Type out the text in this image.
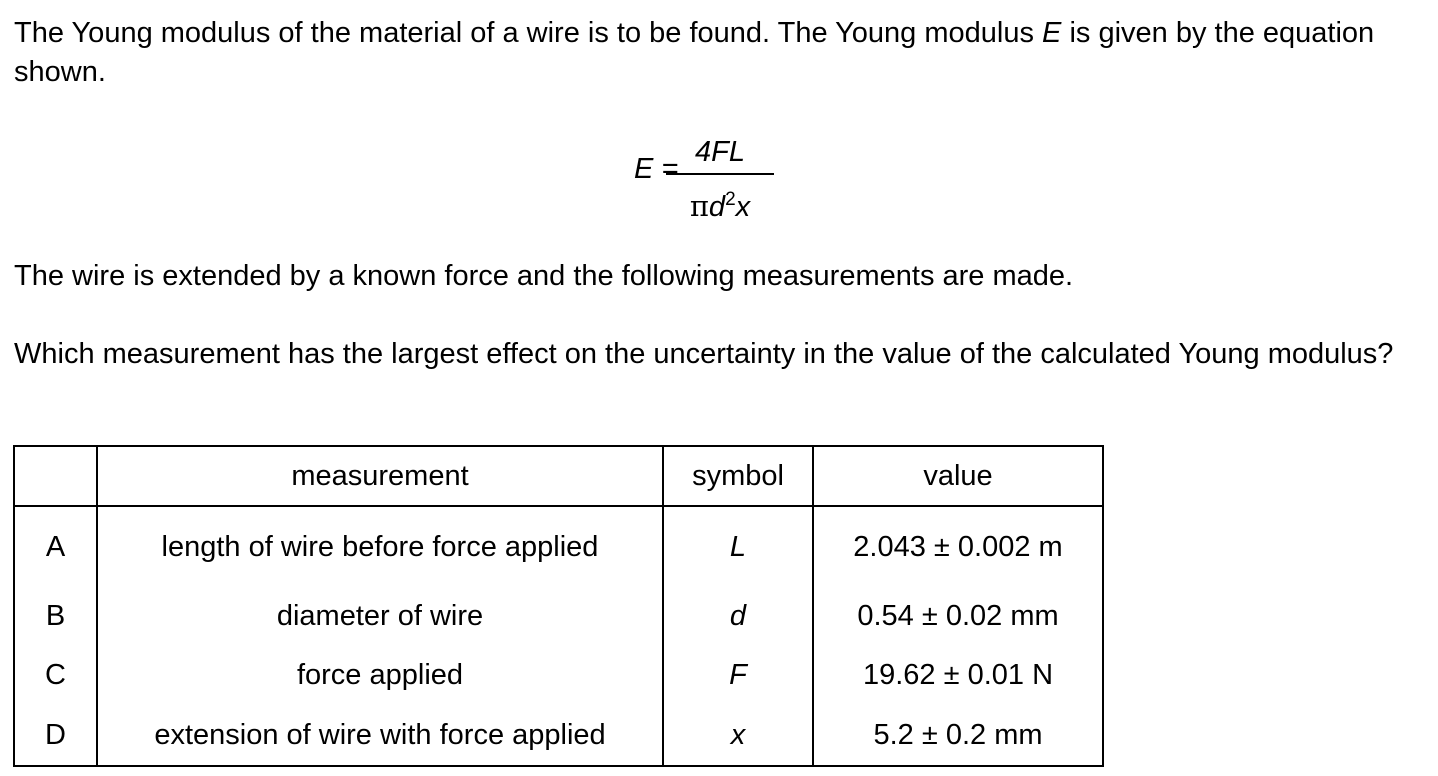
The Young modulus of the material of a wire is to be found. The Young modulus E is given by the equation shown.

E =
4FL
$\pi d^2x$

The wire is extended by a known force and the following measurements are made.

Which measurement has the largest effect on the uncertainty in the value of the calculated Young modulus?

	measurement	symbol	value
A	length of wire before force applied	L	2.043 ± 0.002 m
B	diameter of wire	d	0.54 ± 0.02 mm
C	force applied	F	19.62 ± 0.01 N
D	extension of wire with force applied	x	5.2 ± 0.2 mm
